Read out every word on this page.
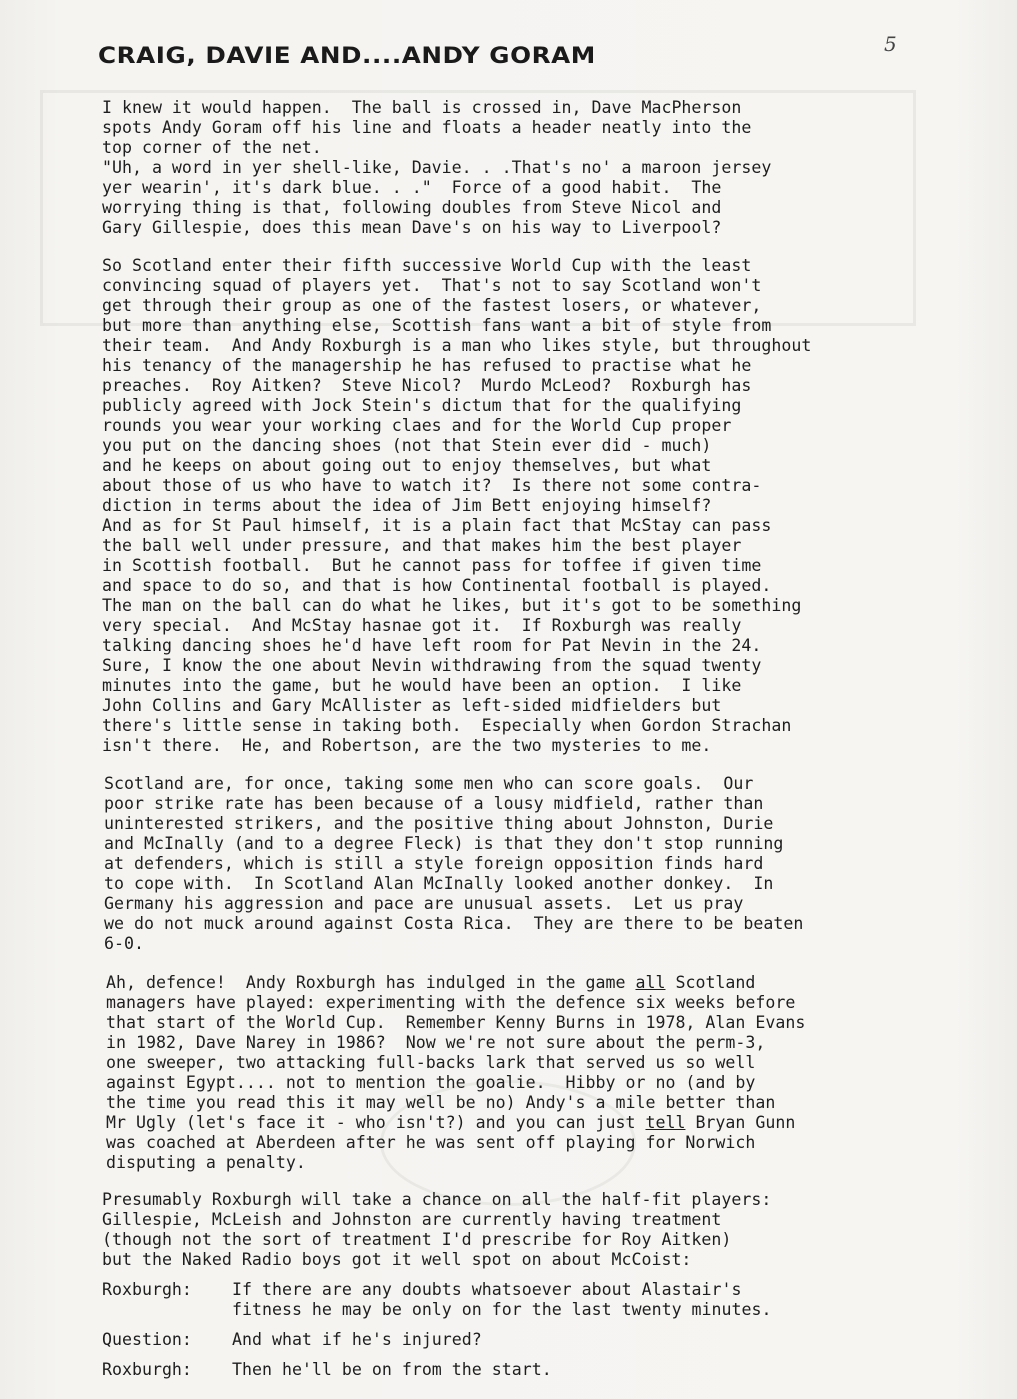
CRAIG, DAVIE AND....ANDY GORAM	5
I knew it would happen.  The ball is crossed in, Dave MacPherson
spots Andy Goram off his line and floats a header neatly into the
top corner of the net.
"Uh, a word in yer shell-like, Davie. . .That's no' a maroon jersey
yer wearin', it's dark blue. . ."  Force of a good habit.  The
worrying thing is that, following doubles from Steve Nicol and
Gary Gillespie, does this mean Dave's on his way to Liverpool?
So Scotland enter their fifth successive World Cup with the least
convincing squad of players yet.  That's not to say Scotland won't
get through their group as one of the fastest losers, or whatever,
but more than anything else, Scottish fans want a bit of style from
their team.  And Andy Roxburgh is a man who likes style, but throughout
his tenancy of the managership he has refused to practise what he
preaches.  Roy Aitken?  Steve Nicol?  Murdo McLeod?  Roxburgh has
publicly agreed with Jock Stein's dictum that for the qualifying
rounds you wear your working claes and for the World Cup proper
you put on the dancing shoes (not that Stein ever did - much)
and he keeps on about going out to enjoy themselves, but what
about those of us who have to watch it?  Is there not some contra-
diction in terms about the idea of Jim Bett enjoying himself?
And as for St Paul himself, it is a plain fact that McStay can pass
the ball well under pressure, and that makes him the best player
in Scottish football.  But he cannot pass for toffee if given time
and space to do so, and that is how Continental football is played.
The man on the ball can do what he likes, but it's got to be something
very special.  And McStay hasnae got it.  If Roxburgh was really
talking dancing shoes he'd have left room for Pat Nevin in the 24.
Sure, I know the one about Nevin withdrawing from the squad twenty
minutes into the game, but he would have been an option.  I like
John Collins and Gary McAllister as left-sided midfielders but
there's little sense in taking both.  Especially when Gordon Strachan
isn't there.  He, and Robertson, are the two mysteries to me.
Scotland are, for once, taking some men who can score goals.  Our
poor strike rate has been because of a lousy midfield, rather than
uninterested strikers, and the positive thing about Johnston, Durie
and McInally (and to a degree Fleck) is that they don't stop running
at defenders, which is still a style foreign opposition finds hard
to cope with.  In Scotland Alan McInally looked another donkey.  In
Germany his aggression and pace are unusual assets.  Let us pray
we do not muck around against Costa Rica.  They are there to be beaten
6-0.
Ah, defence!  Andy Roxburgh has indulged in the game all Scotland
managers have played: experimenting with the defence six weeks before
that start of the World Cup.  Remember Kenny Burns in 1978, Alan Evans
in 1982, Dave Narey in 1986?  Now we're not sure about the perm-3,
one sweeper, two attacking full-backs lark that served us so well
against Egypt.... not to mention the goalie.  Hibby or no (and by
the time you read this it may well be no) Andy's a mile better than
Mr Ugly (let's face it - who isn't?) and you can just tell Bryan Gunn
was coached at Aberdeen after he was sent off playing for Norwich
disputing a penalty.
Presumably Roxburgh will take a chance on all the half-fit players:
Gillespie, McLeish and Johnston are currently having treatment
(though not the sort of treatment I'd prescribe for Roy Aitken)
but the Naked Radio boys got it well spot on about McCoist:
Roxburgh: If there are any doubts whatsoever about Alastair's
fitness he may be only on for the last twenty minutes.
Question: And what if he's injured?
Roxburgh: Then he'll be on from the start.
